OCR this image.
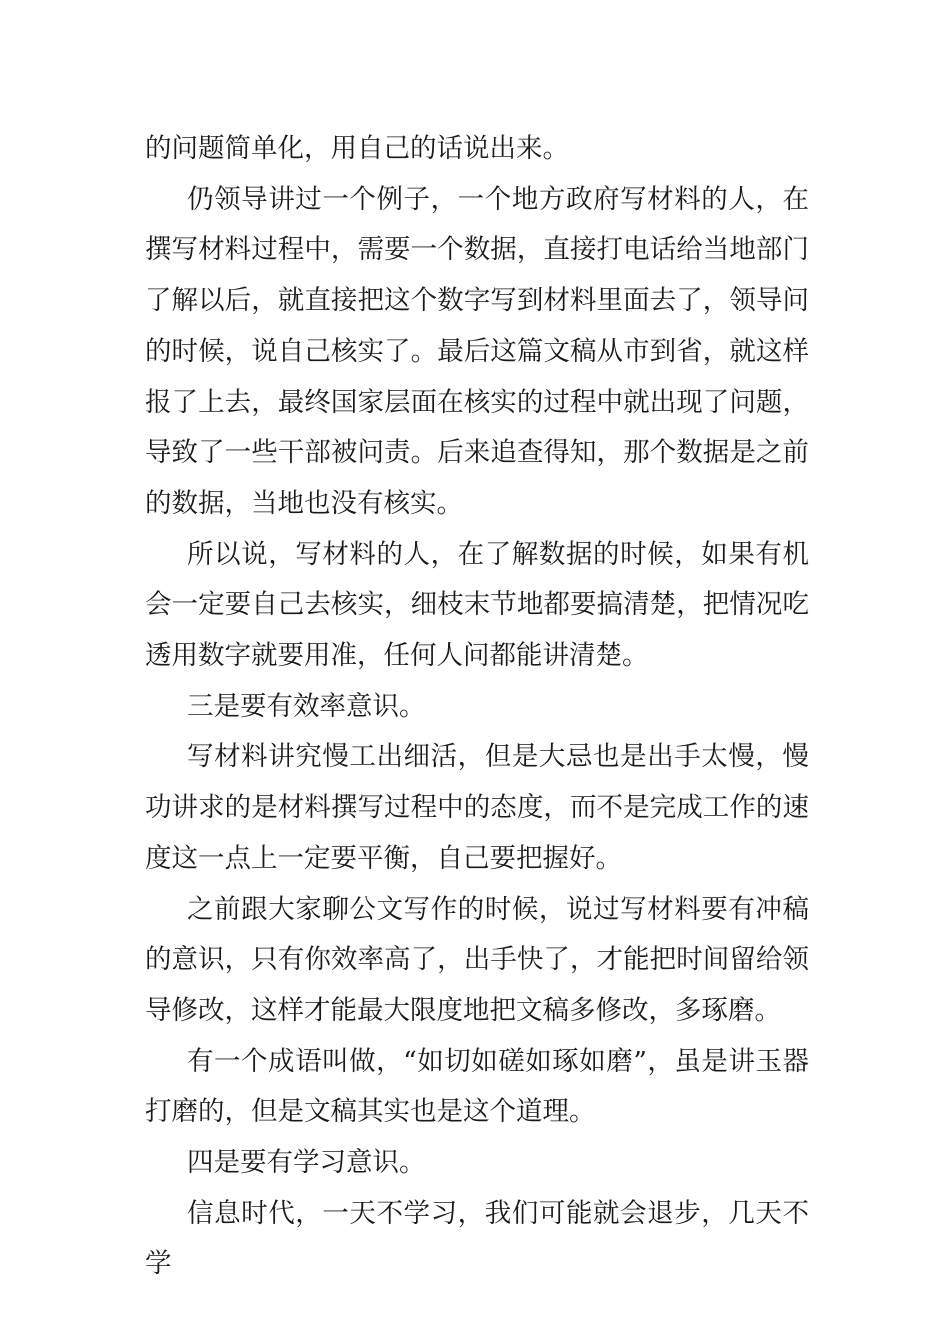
的问题简单化，用自己的话说出来。

仍领导讲过一个例子，一个地方政府写材料的人，在撰写材料过程中，需要一个数据，直接打电话给当地部门了解以后，就直接把这个数字写到材料里面去了，领导问的时候，说自己核实了。最后这篇文稿从市到省，就这样报了上去，最终国家层面在核实的过程中就出现了问题，导致了一些干部被问责。后来追查得知，那个数据是之前的数据，当地也没有核实。

所以说，写材料的人，在了解数据的时候，如果有机会一定要自己去核实，细枝末节地都要搞清楚，把情况吃透用数字就要用准，任何人问都能讲清楚。

三是要有效率意识。

写材料讲究慢工出细活，但是大忌也是出手太慢，慢功讲求的是材料撰写过程中的态度，而不是完成工作的速度这一点上一定要平衡，自己要把握好。

之前跟大家聊公文写作的时候，说过写材料要有冲稿的意识，只有你效率高了，出手快了，才能把时间留给领导修改，这样才能最大限度地把文稿多修改，多琢磨。

有一个成语叫做，“如切如磋如琢如磨”，虽是讲玉器打磨的，但是文稿其实也是这个道理。

四是要有学习意识。

信息时代，一天不学习，我们可能就会退步，几天不学
